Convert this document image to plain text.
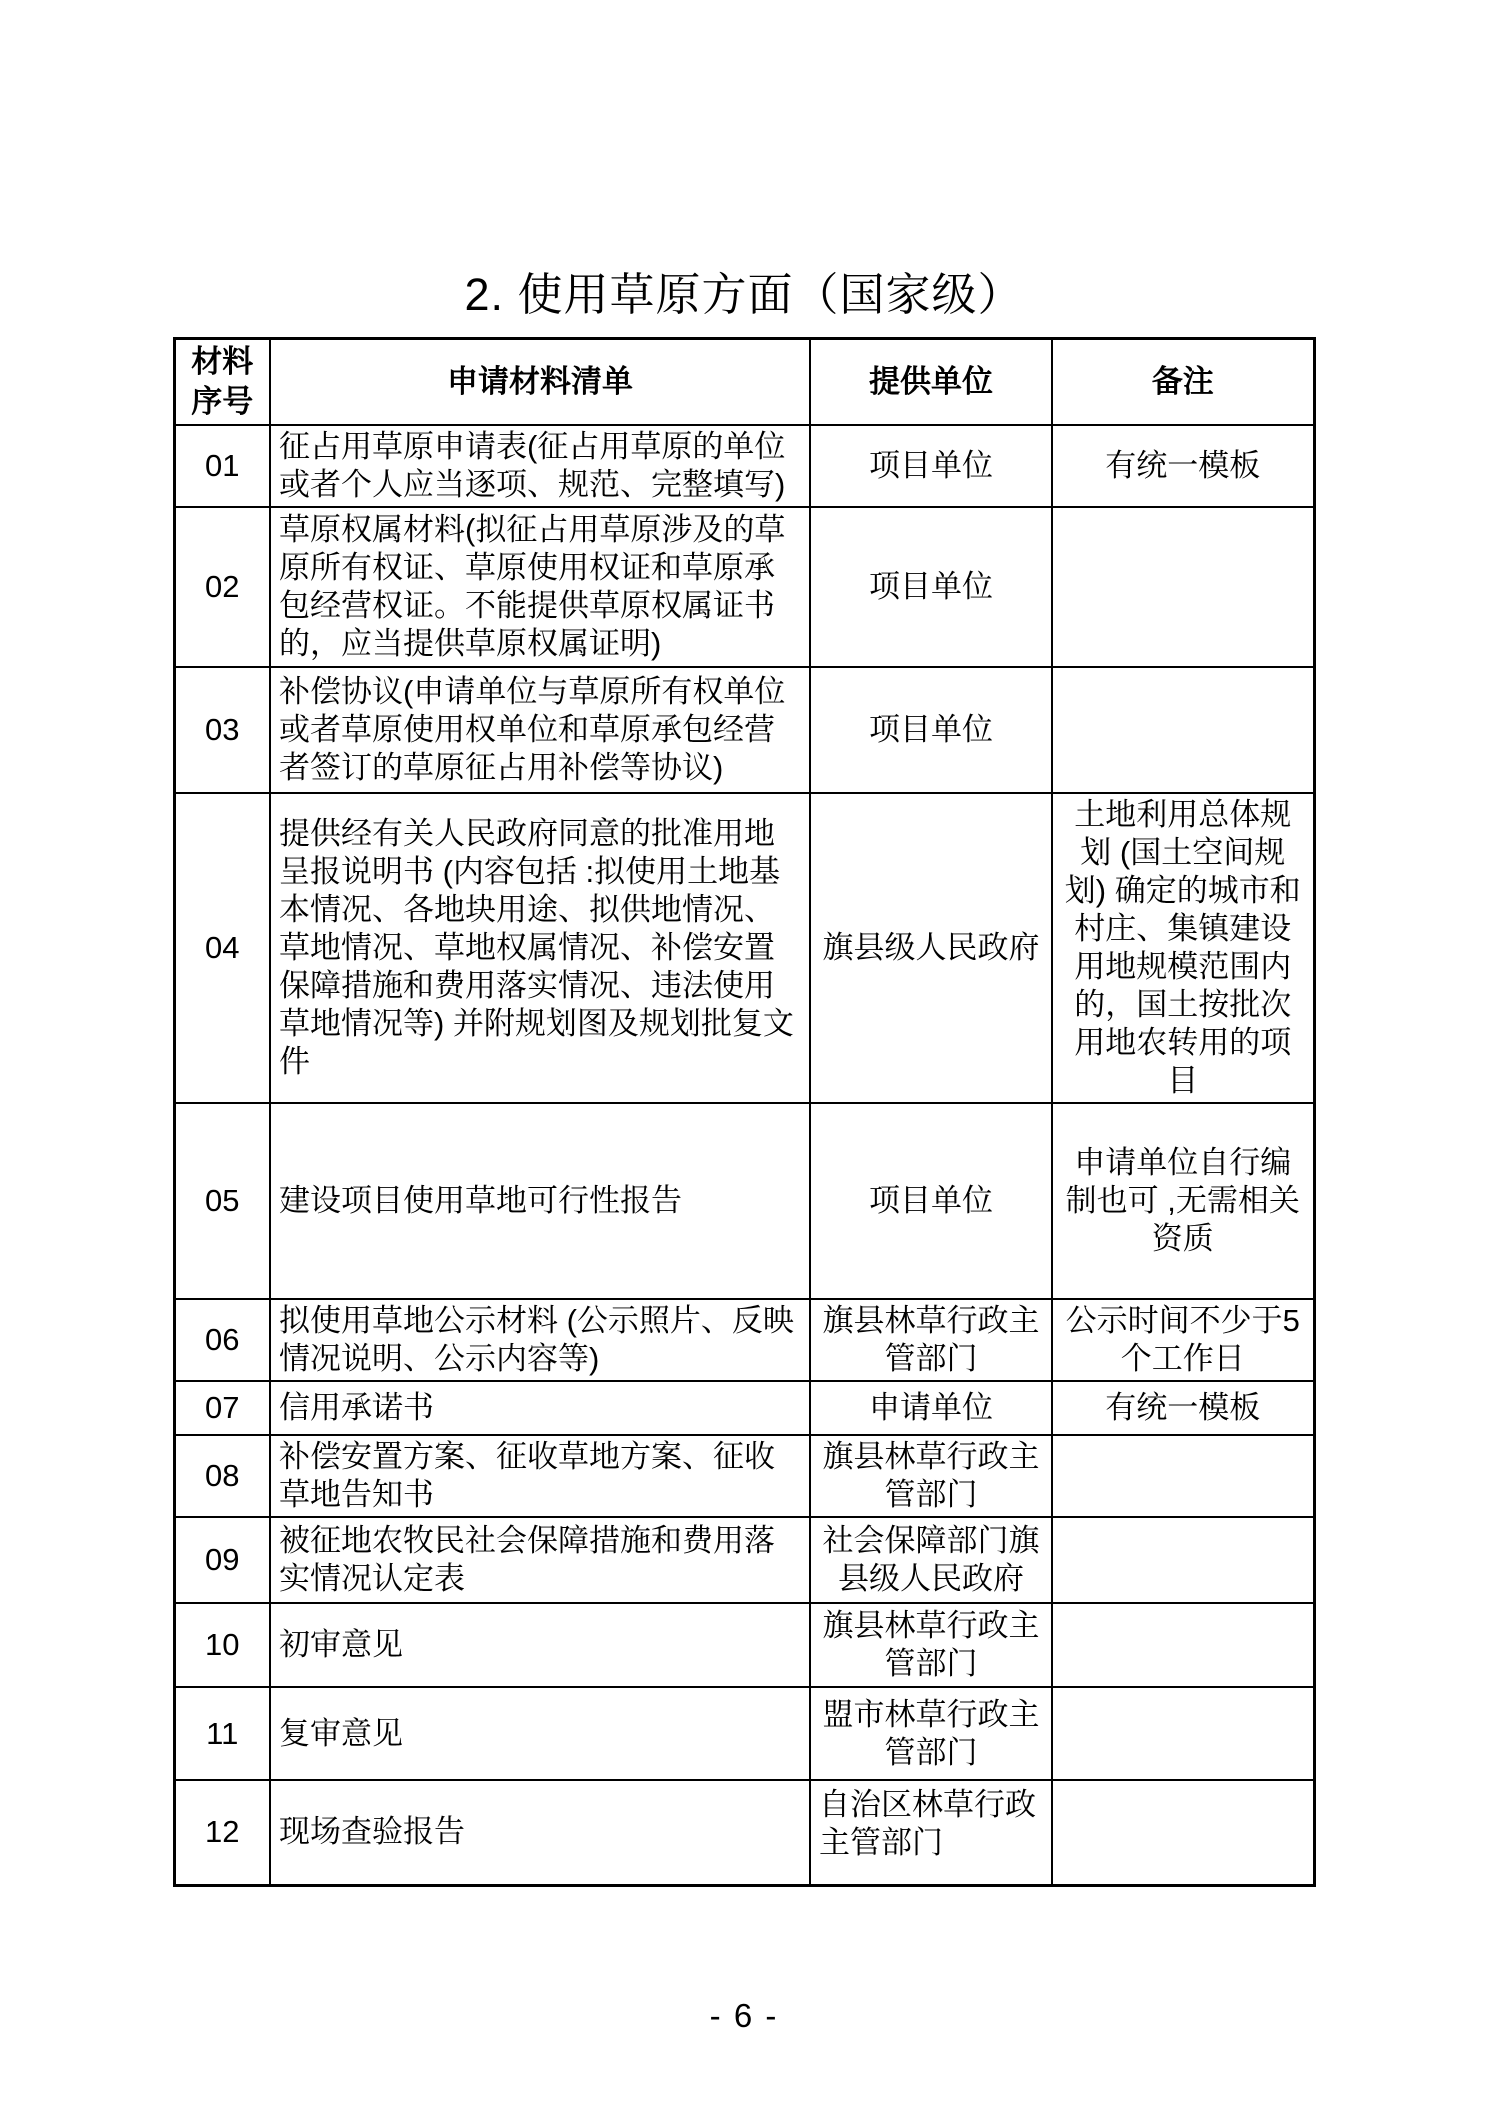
2. 使用草原方面（国家级）
材料序号	申请材料清单	提供单位	备注
01	征占用草原申请表(征占用草原的单位或者个人应当逐项、规范、完整填写)	项目单位	有统一模板
02	草原权属材料(拟征占用草原涉及的草原所有权证、草原使用权证和草原承包经营权证。不能提供草原权属证书的，应当提供草原权属证明)	项目单位	
03	补偿协议(申请单位与草原所有权单位或者草原使用权单位和草原承包经营者签订的草原征占用补偿等协议)	项目单位	
04	提供经有关人民政府同意的批准用地呈报说明书 (内容包括 :拟使用土地基本情况、各地块用途、拟供地情况、草地情况、草地权属情况、补偿安置保障措施和费用落实情况、违法使用草地情况等) 并附规划图及规划批复文件	旗县级人民政府	土地利用总体规划 (国土空间规划) 确定的城市和村庄、集镇建设用地规模范围内的，国土按批次用地农转用的项目
05	建设项目使用草地可行性报告	项目单位	申请单位自行编制也可 ,无需相关资质
06	拟使用草地公示材料 (公示照片、反映情况说明、公示内容等)	旗县林草行政主管部门	公示时间不少于5个工作日
07	信用承诺书	申请单位	有统一模板
08	补偿安置方案、征收草地方案、征收草地告知书	旗县林草行政主管部门	
09	被征地农牧民社会保障措施和费用落实情况认定表	社会保障部门旗县级人民政府	
10	初审意见	旗县林草行政主管部门	
11	复审意见	盟市林草行政主管部门	
12	现场查验报告	自治区林草行政主管部门	
- 6 -
